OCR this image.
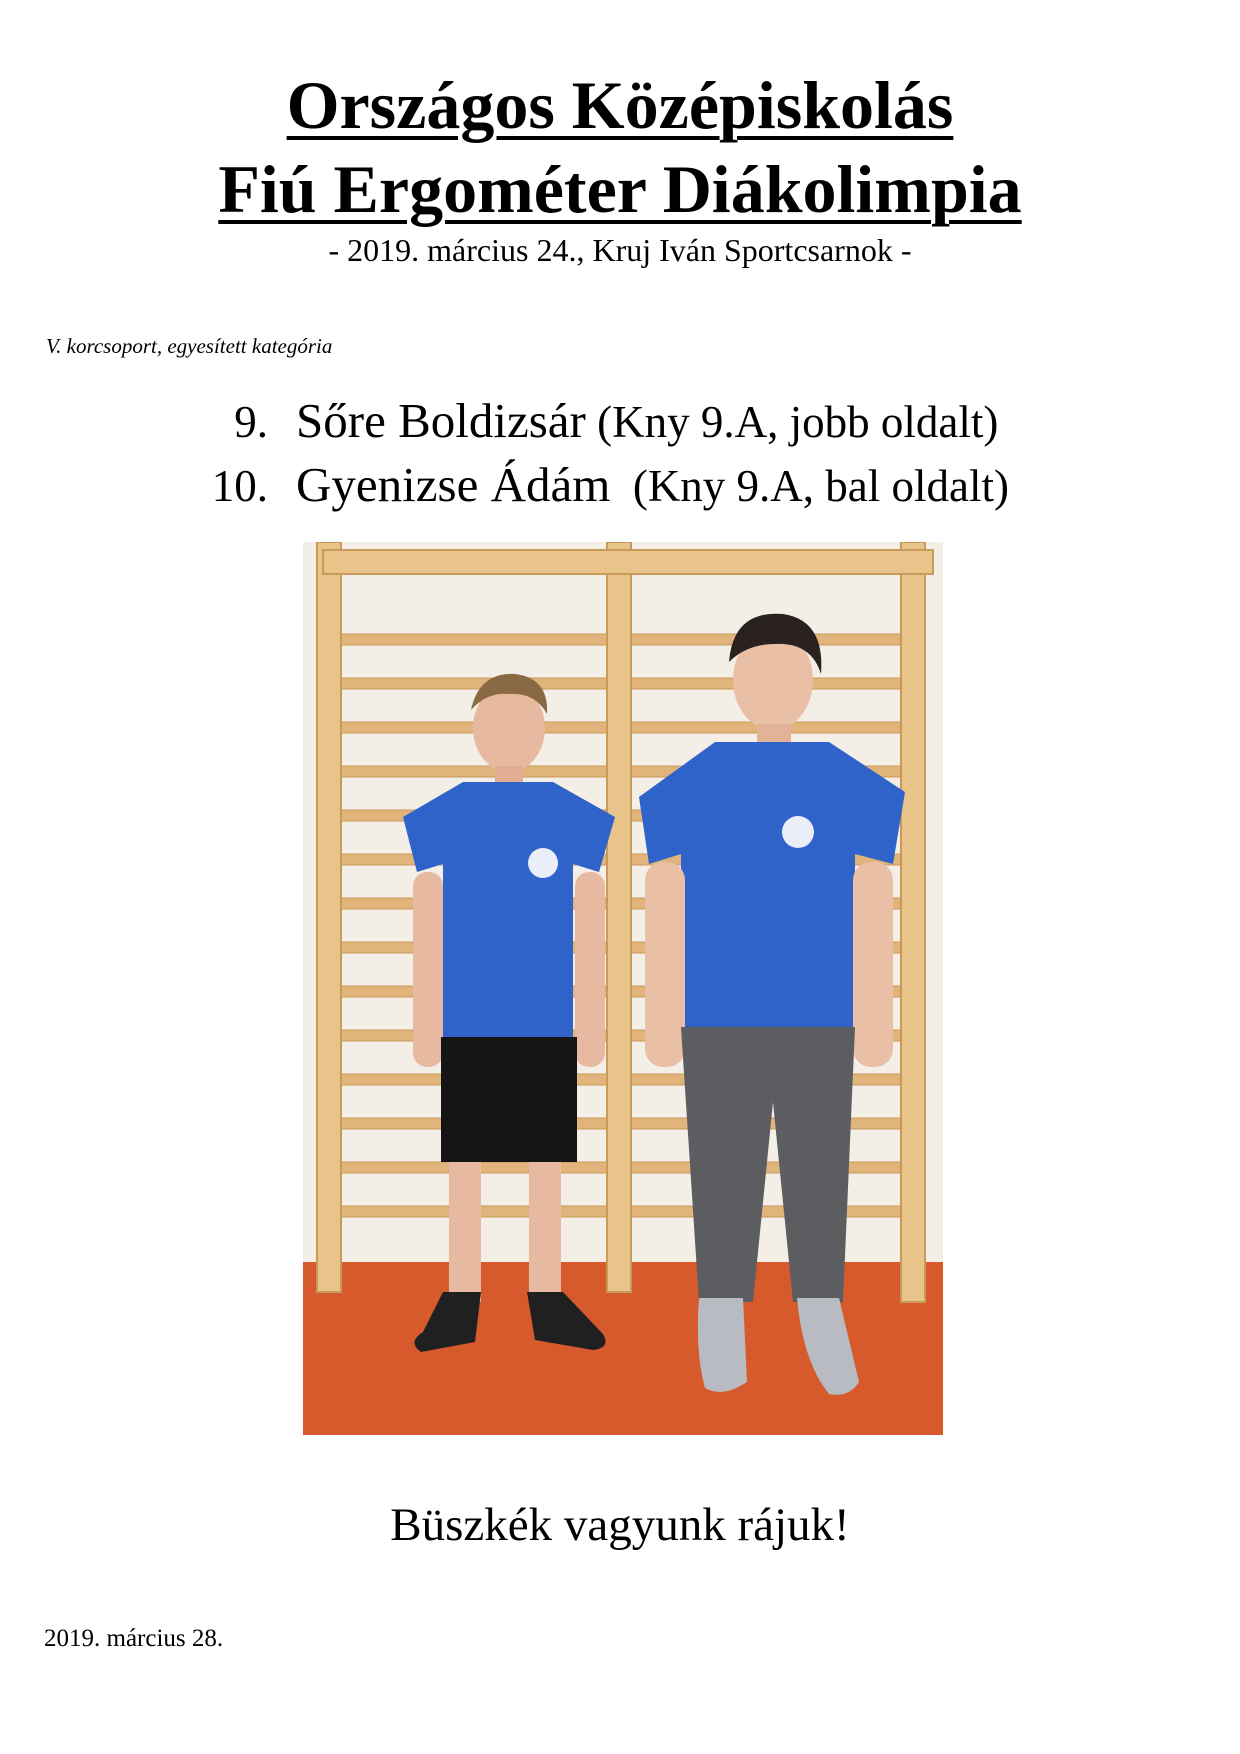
Országos Középiskolás
Fiú Ergométer Diákolimpia
- 2019. március 24., Kruj Iván Sportcsarnok -
V. korcsoport, egyesített kategória
9. Sőre Boldizsár (Kny 9.A, jobb oldalt)
10. Gyenizse Ádám (Kny 9.A, bal oldalt)
Büszkék vagyunk rájuk!
2019. március 28.
